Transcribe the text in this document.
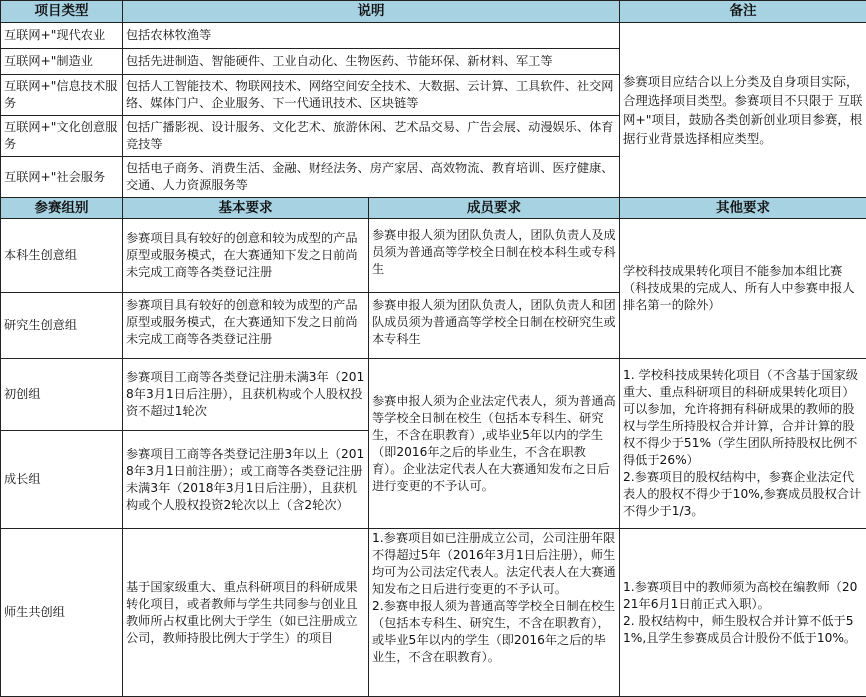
项目类型	说明		备注
互联网+"现代农业	包括农林牧渔等		参赛项目应结合以上分类及自身项目实际，合理选择项目类型。参赛项目不只限于 互联网+"项目，鼓励各类创新创业项目参赛，根据行业背景选择相应类型。
互联网+"制造业	包括先进制造、智能硬件、工业自动化、生物医药、节能环保、新材料、军工等		
互联网+"信息技术服务	包括人工智能技术、物联网技术、网络空间安全技术、大数据、云计算、工具软件、社交网络、媒体门户、企业服务、下一代通讯技术、区块链等		
互联网+"文化创意服务	包括广播影视、设计服务、文化艺术、旅游休闲、艺术品交易、广告会展、动漫娱乐、体育竞技等		
互联网+"社会服务	包括电子商务、消费生活、金融、财经法务、房产家居、高效物流、教育培训、医疗健康、交通、人力资源服务等		
参赛组别	基本要求	成员要求	其他要求
本科生创意组	参赛项目具有较好的创意和较为成型的产品原型或服务模式，在大赛通知下发之日前尚未完成工商等各类登记注册	参赛申报人须为团队负责人，团队负责人及成员须为普通高等学校全日制在校本科生或专科生	学校科技成果转化项目不能参加本组比赛（科技成果的完成人、所有人中参赛申报人排名第一的除外）
研究生创意组	参赛项目具有较好的创意和较为成型的产品原型或服务模式，在大赛通知下发之日前尚未完成工商等各类登记注册	参赛申报人须为团队负责人，团队负责人和团队成员须为普通高等学校全日制在校研究生或本专科生	
初创组	参赛项目工商等各类登记注册未满3年（2018年3月1日后注册），且获机构或个人股权投资不超过1轮次	参赛申报人须为企业法定代表人，须为普通高等学校全日制在校生（包括本专科生、研究生，不含在职教育）,或毕业5年以内的学生（即2016年之后的毕业生，不含在职教育）。企业法定代表人在大赛通知发布之日后进行变更的不予认可。	1. 学校科技成果转化项目（不含基于国家级重大、重点科研项目的科研成果转化项目）可以参加，允许将拥有科研成果的教师的股权与学生所持股权合并计算，合并计算的股权不得少于51%（学生团队所持股权比例不得低于26%）
2.参赛项目的股权结构中，参赛企业法定代表人的股权不得少于10%,参赛成员股权合计不得少于1/3。
成长组	参赛项目工商等各类登记注册3年以上（2018年3月1日前注册）；或工商等各类登记注册未满3年（2018年3月1日后注册），且获机构或个人股权投资2轮次以上（含2轮次）		
师生共创组	基于国家级重大、重点科研项目的科研成果转化项目，或者教师与学生共同参与创业且教师所占权重比例大于学生（如已注册成立公司，教师持股比例大于学生）的项目	1.参赛项目如已注册成立公司，公司注册年限不得超过5年（2016年3月1日后注册），师生均可为公司法定代表人。法定代表人在大赛通知发布之日后进行变更的不予认可。
2.参赛申报人须为普通高等学校全日制在校生（包括本专科生、研究生，不含在职教育），或毕业5年以内的学生（即2016年之后的毕业生，不含在职教育）。	1.参赛项目中的教师须为高校在编教师（2021年6月1日前正式入职）。
2. 股权结构中，师生股权合并计算不低于51%,且学生参赛成员合计股份不低于10%。
